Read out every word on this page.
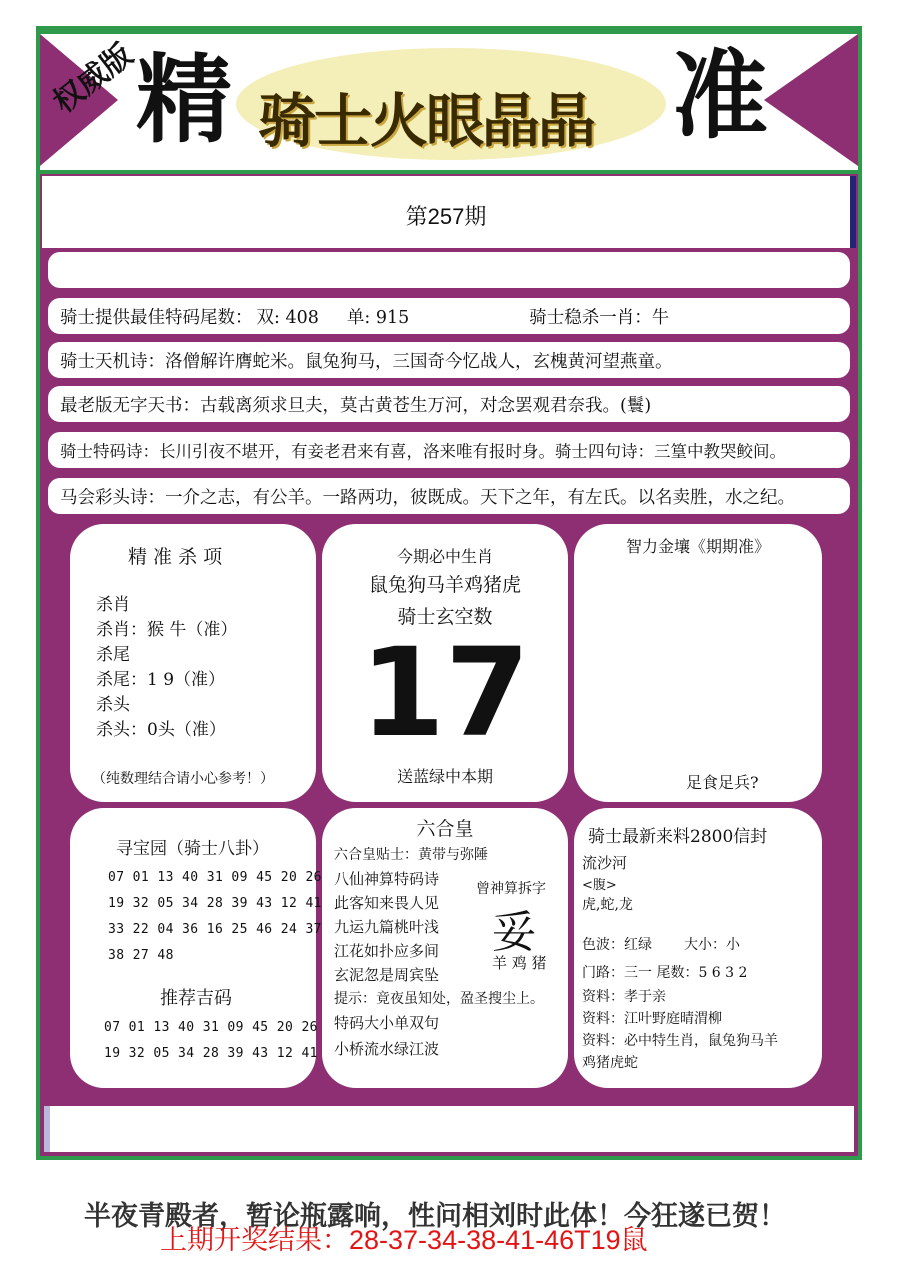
权威版
精 骑士火眼晶晶 准
第257期
骑士提供最佳特码尾数： 双: 408 单: 915	骑士稳杀一肖：牛
骑士天机诗：洛僧解许膺蛇米。鼠兔狗马，三国奇今忆战人，玄槐黄河望燕童。
最老版无字天书：古载离须求旦夫，莫古黄苍生万河，对念罢观君奈我。(鬟)
骑士特码诗：长川引夜不堪开，有妾老君来有喜，洛来唯有报时身。骑士四句诗：三篁中教哭鲛间。
马会彩头诗：一介之志，有公羊。一路两功，彼既成。天下之年，有左氏。以名卖胜，水之纪。
精 准 杀 项
杀肖
杀肖：猴 牛（准）
杀尾
杀尾：1 9（准）
杀头
杀头：0头（准）
（纯数理结合请小心参考！）
今期必中生肖
鼠兔狗马羊鸡猪虎
骑士玄空数
17
送蓝绿中本期
智力金壤《期期准》
足食足兵?
寻宝园（骑士八卦）
07 01 13 40 31 09 45 20 26
19 32 05 34 28 39 43 12 41
33 22 04 36 16 25 46 24 37
38 27 48
推荐吉码
07 01 13 40 31 09 45 20 26
19 32 05 34 28 39 43 12 41
六合皇
六合皇贴士：黄带与弥陲
八仙神算特码诗
此客知来畏人见
九运九篇桃叶浅
江花如扑应多间
玄泥忽是周宾坠
曾神算拆字
妥
羊 鸡 猪
提示：竟夜虽知处，盈圣搜尘上。
特码大小单双句
小桥流水绿江波
骑士最新来料2800信封
流沙河
<腹>
虎,蛇,龙
色波：红绿 大小：小
门路：三一 尾数：5 6 3 2
资料：孝于亲
资料：江叶野庭晴渭柳
资料：必中特生肖，鼠兔狗马羊
鸡猪虎蛇
半夜青殿者，暂论瓶露响，性问相刘时此体！今狂遂已贺！
上期开奖结果：28-37-34-38-41-46T19鼠
